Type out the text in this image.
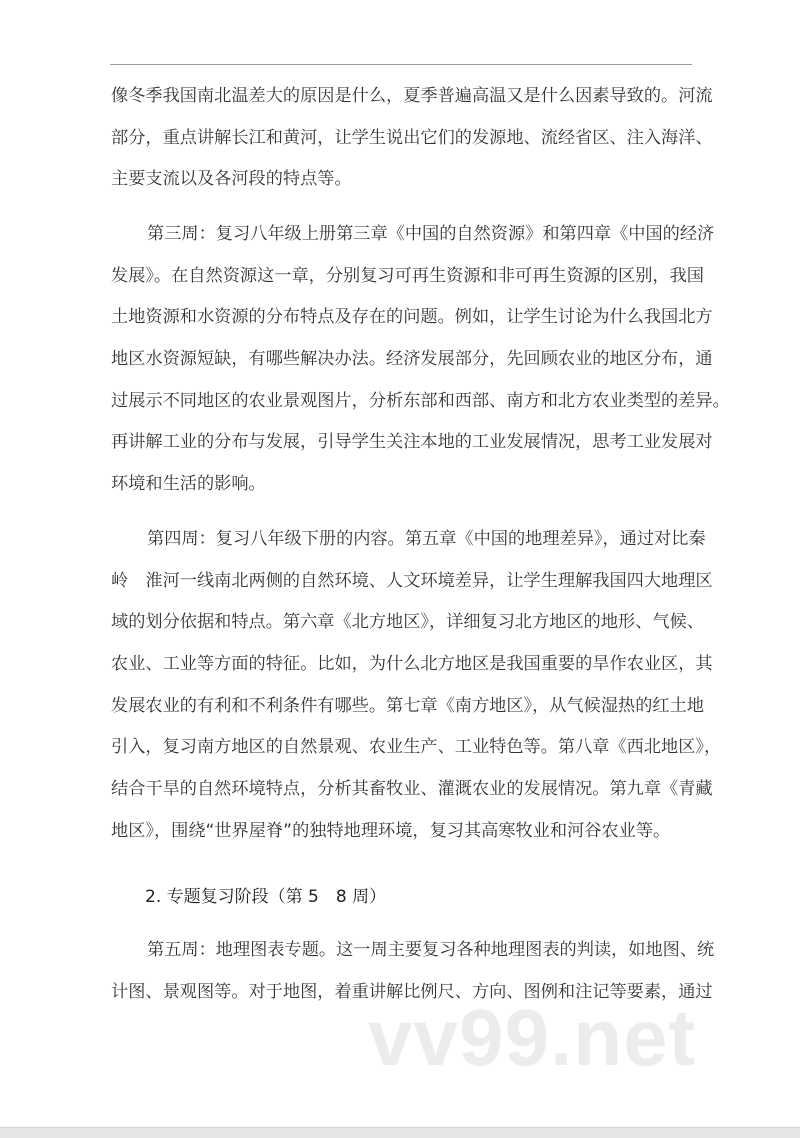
像冬季我国南北温差大的原因是什么，夏季普遍高温又是什么因素导致的。河流
部分，重点讲解长江和黄河，让学生说出它们的发源地、流经省区、注入海洋、
主要支流以及各河段的特点等。
第三周：复习八年级上册第三章《中国的自然资源》和第四章《中国的经济
发展》。在自然资源这一章，分别复习可再生资源和非可再生资源的区别，我国
土地资源和水资源的分布特点及存在的问题。例如，让学生讨论为什么我国北方
地区水资源短缺，有哪些解决办法。经济发展部分，先回顾农业的地区分布，通
过展示不同地区的农业景观图片，分析东部和西部、南方和北方农业类型的差异。
再讲解工业的分布与发展，引导学生关注本地的工业发展情况，思考工业发展对
环境和生活的影响。
第四周：复习八年级下册的内容。第五章《中国的地理差异》，通过对比秦
岭　淮河一线南北两侧的自然环境、人文环境差异，让学生理解我国四大地理区
域的划分依据和特点。第六章《北方地区》，详细复习北方地区的地形、气候、
农业、工业等方面的特征。比如，为什么北方地区是我国重要的旱作农业区，其
发展农业的有利和不利条件有哪些。第七章《南方地区》，从气候湿热的红土地
引入，复习南方地区的自然景观、农业生产、工业特色等。第八章《西北地区》，
结合干旱的自然环境特点，分析其畜牧业、灌溉农业的发展情况。第九章《青藏
地区》，围绕“世界屋脊”的独特地理环境，复习其高寒牧业和河谷农业等。
2. 专题复习阶段（第 5　8 周）
第五周：地理图表专题。这一周主要复习各种地理图表的判读，如地图、统
计图、景观图等。对于地图，着重讲解比例尺、方向、图例和注记等要素，通过
vv99.net
